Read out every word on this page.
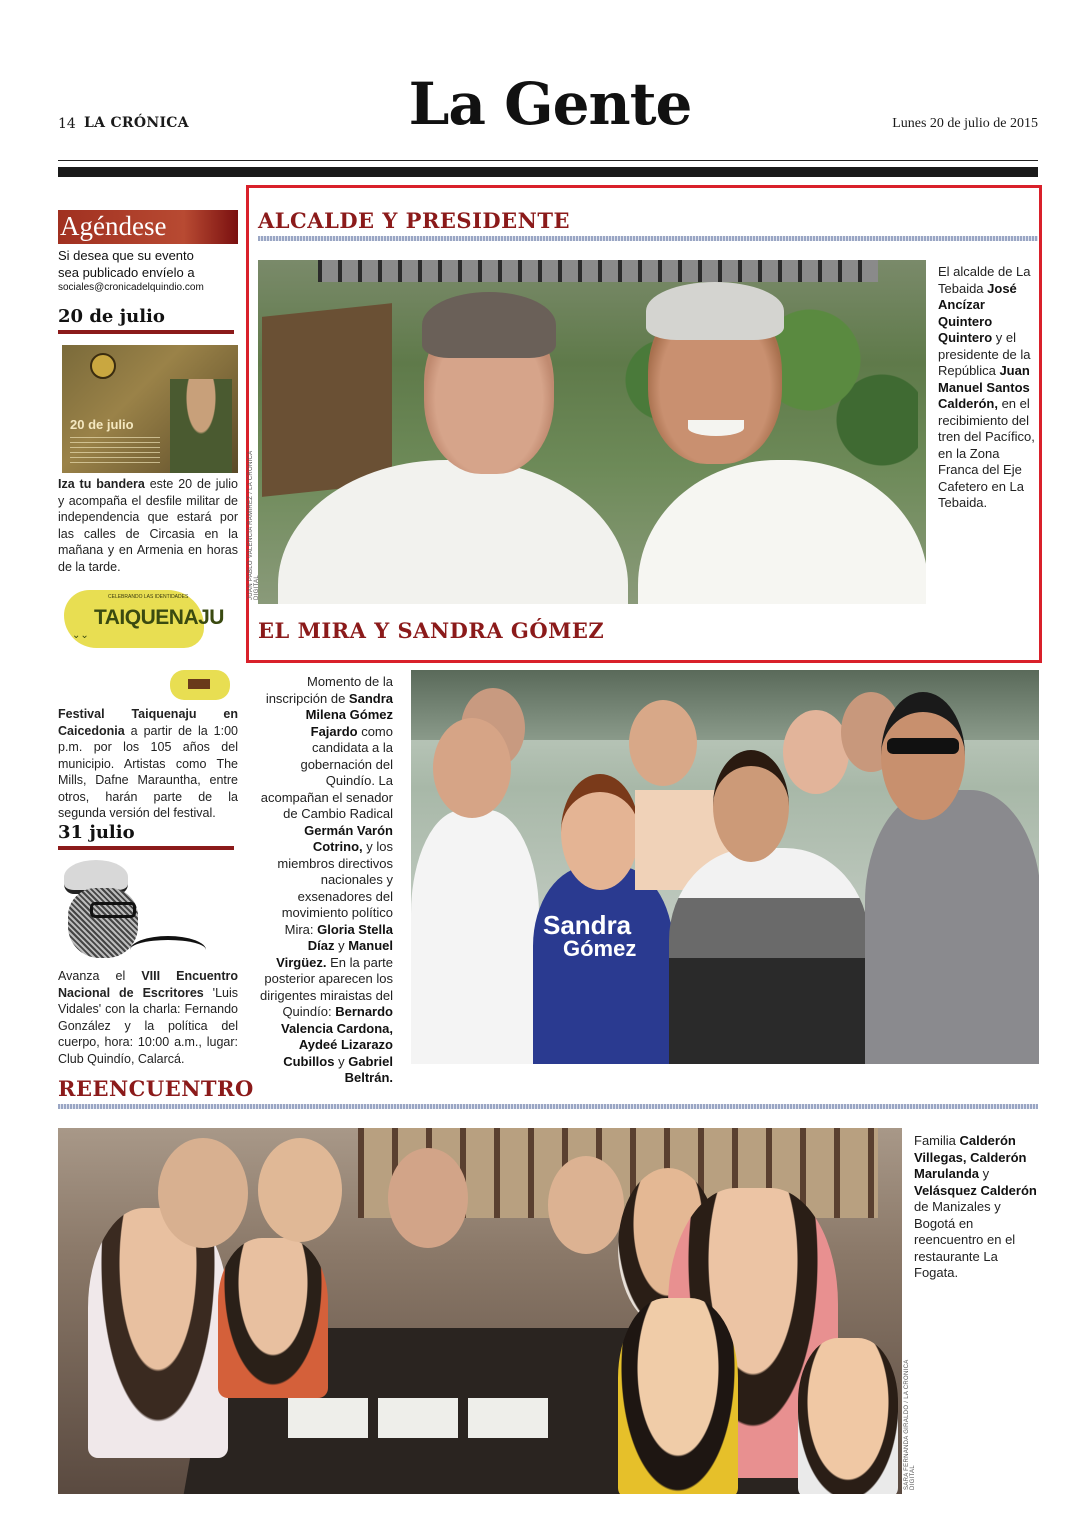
14 LA CRÓNICA	La Gente	Lunes 20 de julio de 2015
Agéndese
Si desea que su evento
sea publicado envíelo a
sociales@cronicadelquindio.com
20 de julio
20 de julio
Iza tu bandera este 20 de julio y acompaña el desfile militar de independencia que estará por las calles de Circasia en la mañana y en Armenia en horas de la tarde.
CELEBRANDO LAS IDENTIDADES
TAIQUENAJU
⌄⌄
Festival Taiquenaju en Caicedonia a partir de la 1:00 p.m. por los 105 años del municipio. Artistas como The Mills, Dafne Marauntha, entre otros, harán parte de la segunda versión del festival.
31 julio
Avanza el VIII Encuentro Nacional de Escritores 'Luis Vidales' con la charla: Fernando González y la política del cuerpo, hora: 10:00 a.m., lugar: Club Quindío, Calarcá.
ALCALDE Y PRESIDENTE
JUAN PABLO VALENCIA RAMÍREZ / LA CRÓNICA DIGITAL
El alcalde de La Tebaida José Ancízar Quintero Quintero y el presidente de la República Juan Manuel Santos Calderón, en el recibimiento del tren del Pacífico, en la Zona Franca del Eje Cafetero en La Tebaida.
EL MIRA Y SANDRA GÓMEZ
Momento de la inscripción de Sandra Milena Gómez Fajardo como candidata a la gobernación del Quindío. La acompañan el senador de Cambio Radical Germán Varón Cotrino, y los miembros directivos nacionales y exsenadores del movimiento político Mira: Gloria Stella Díaz y Manuel Virgüez. En la parte posterior aparecen los dirigentes miraistas del Quindío: Bernardo Valencia Cardona, Aydeé Lizarazo Cubillos y Gabriel Beltrán.
Sandra
Gómez
REENCUENTRO
SARA FERNANDA GIRALDO / LA CRÓNICA DIGITAL
Familia Calderón Villegas, Calderón Marulanda y Velásquez Calderón de Manizales y Bogotá en reencuentro en el restaurante La Fogata.
